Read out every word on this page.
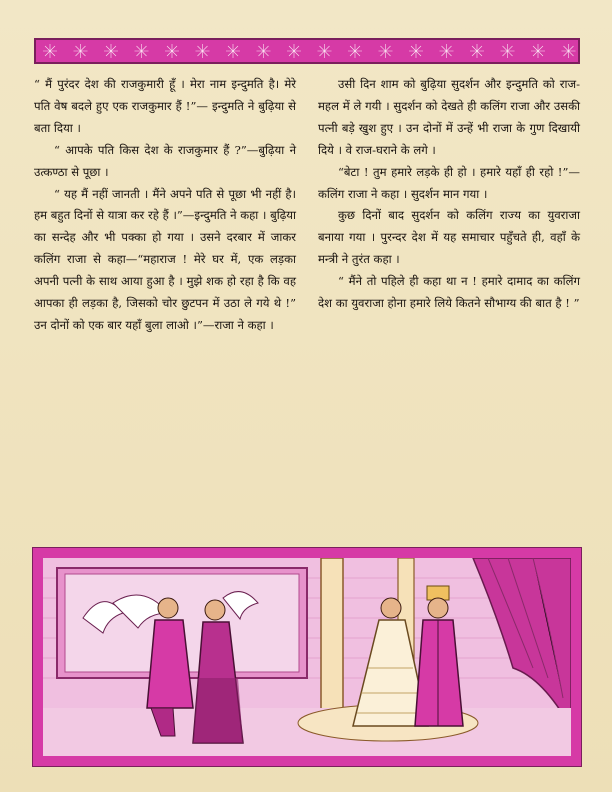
“ मैं पुरंदर देश की राजकुमारी हूँ । मेरा नाम इन्दुमति है। मेरे पति वेष बदले हुए एक राजकुमार हैं !”— इन्दुमति ने बुढ़िया से बता दिया ।

“ आपके पति किस देश के राजकुमार हैं ?”—बुढ़िया ने उत्कण्ठा से पूछा ।

“ यह मैं नहीं जानती । मैंने अपने पति से पूछा भी नहीं है। हम बहुत दिनों से यात्रा कर रहे हैं ।”—इन्दुमति ने कहा । बुढ़िया का सन्देह और भी पक्का हो गया । उसने दरबार में जाकर कलिंग राजा से कहा—“महाराज ! मेरे घर में, एक लड़का अपनी पत्नी के साथ आया हुआ है । मुझे शक हो रहा है कि वह आपका ही लड़का है, जिसको चोर छुटपन में उठा ले गये थे !” उन दोनों को एक बार यहाँ बुला लाओ ।”—राजा ने कहा ।

उसी दिन शाम को बुढ़िया सुदर्शन और इन्दुमति को राज-महल में ले गयी । सुदर्शन को देखते ही कलिंग राजा और उसकी पत्नी बड़े खुश हुए । उन दोनों में उन्हें भी राजा के गुण दिखायी दिये । वे राज-घराने के लगे ।

“बेटा ! तुम हमारे लड़के ही हो । हमारे यहाँ ही रहो !”—कलिंग राजा ने कहा । सुदर्शन मान गया ।

कुछ दिनों बाद सुदर्शन को कलिंग राज्य का युवराजा बनाया गया । पुरन्दर देश में यह समाचार पहुँचते ही, वहाँ के मन्त्री ने तुरंत कहा ।

“ मैंने तो पहिले ही कहा था न ! हमारे दामाद का कलिंग देश का युवराजा होना हमारे लिये कितने सौभाग्य की बात है ! ”
